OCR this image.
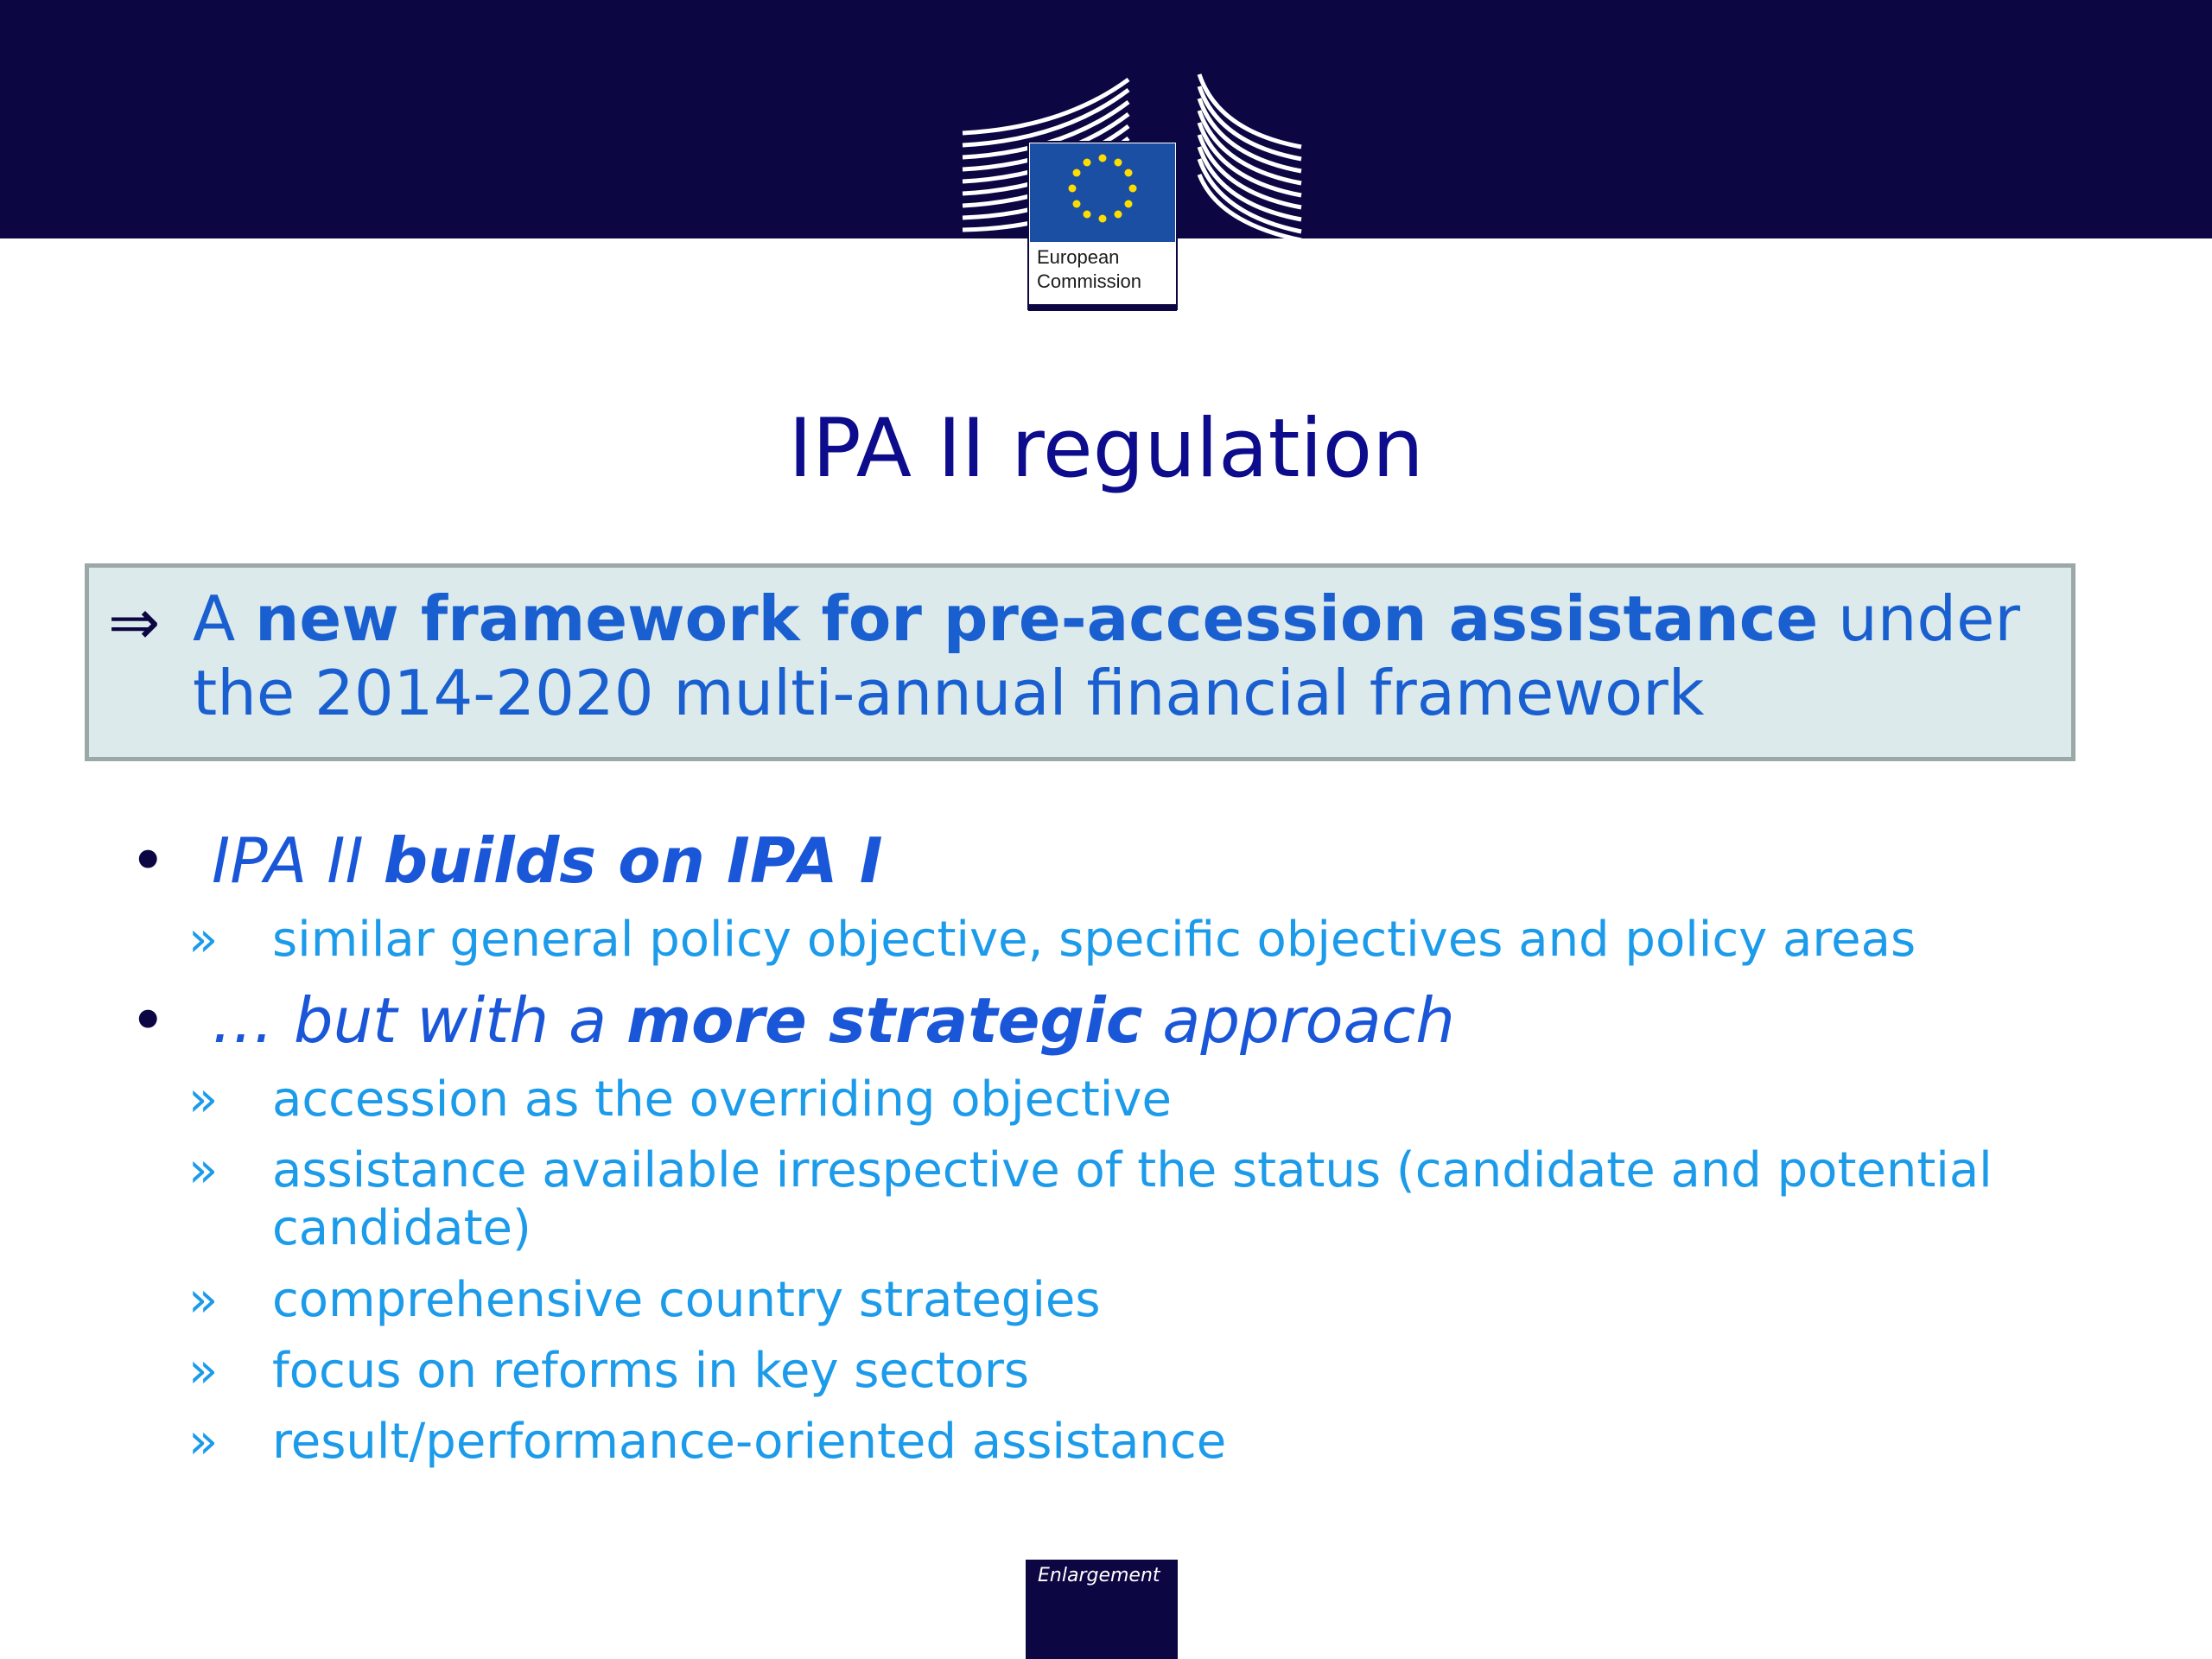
European
Commission
IPA II regulation
⇒ A new framework for pre-accession assistance under the 2014-2020 multi-annual financial framework
• IPA II builds on IPA I
» similar general policy objective, specific objectives and policy areas
• … but with a more strategic approach
» accession as the overriding objective
» assistance available irrespective of the status (candidate and potential candidate)
» comprehensive country strategies
» focus on reforms in key sectors
» result/performance-oriented assistance
Enlargement
